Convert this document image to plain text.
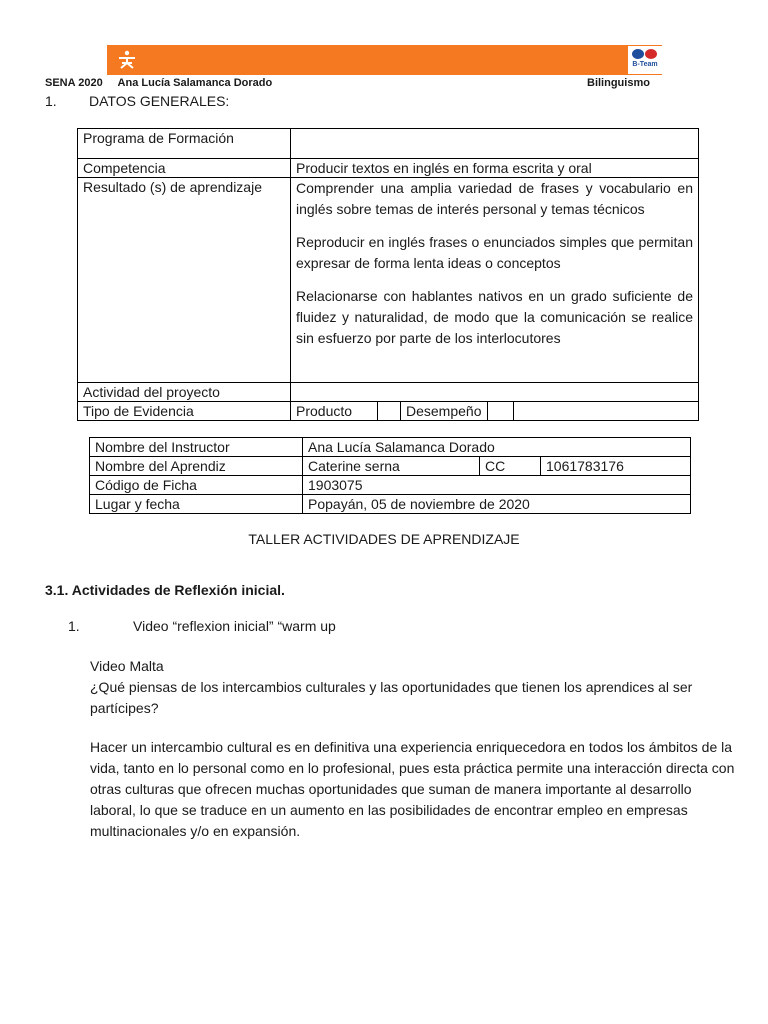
B-Team
SENA 2020     Ana Lucía Salamanca Dorado	Bilinguismo
1. DATOS GENERALES:
Programa de Formación					
Competencia	Producir textos en inglés en forma escrita y oral				
Resultado (s) de aprendizaje	Comprender una amplia variedad de frases y vocabulario en inglés sobre temas de interés personal y temas técnicos

Reproducir en inglés frases o enunciados simples que permitan expresar de forma lenta ideas o conceptos

Relacionarse con hablantes nativos en un grado suficiente de fluidez y naturalidad, de modo que la comunicación se realice sin esfuerzo por parte de los interlocutores				

Actividad del proyecto					
Tipo de Evidencia	Producto		Desempeño		
Nombre del Instructor	Ana Lucía Salamanca Dorado		
Nombre del Aprendiz	Caterine serna	CC	1061783176
Código de Ficha	1903075		
Lugar y fecha	Popayán, 05 de noviembre de 2020		
TALLER ACTIVIDADES DE APRENDIZAJE
3.1. Actividades de Reflexión inicial.
1.	Video “reflexion inicial” “warm up
Video Malta
¿Qué piensas de los intercambios culturales y las oportunidades que tienen los aprendices al ser partícipes?
Hacer un intercambio cultural es en definitiva una experiencia enriquecedora en todos los ámbitos de la vida, tanto en lo personal como en lo profesional, pues esta práctica permite una interacción directa con otras culturas que ofrecen muchas oportunidades que suman de manera importante al desarrollo laboral, lo que se traduce en un aumento en las posibilidades de encontrar empleo en empresas multinacionales y/o en expansión.
